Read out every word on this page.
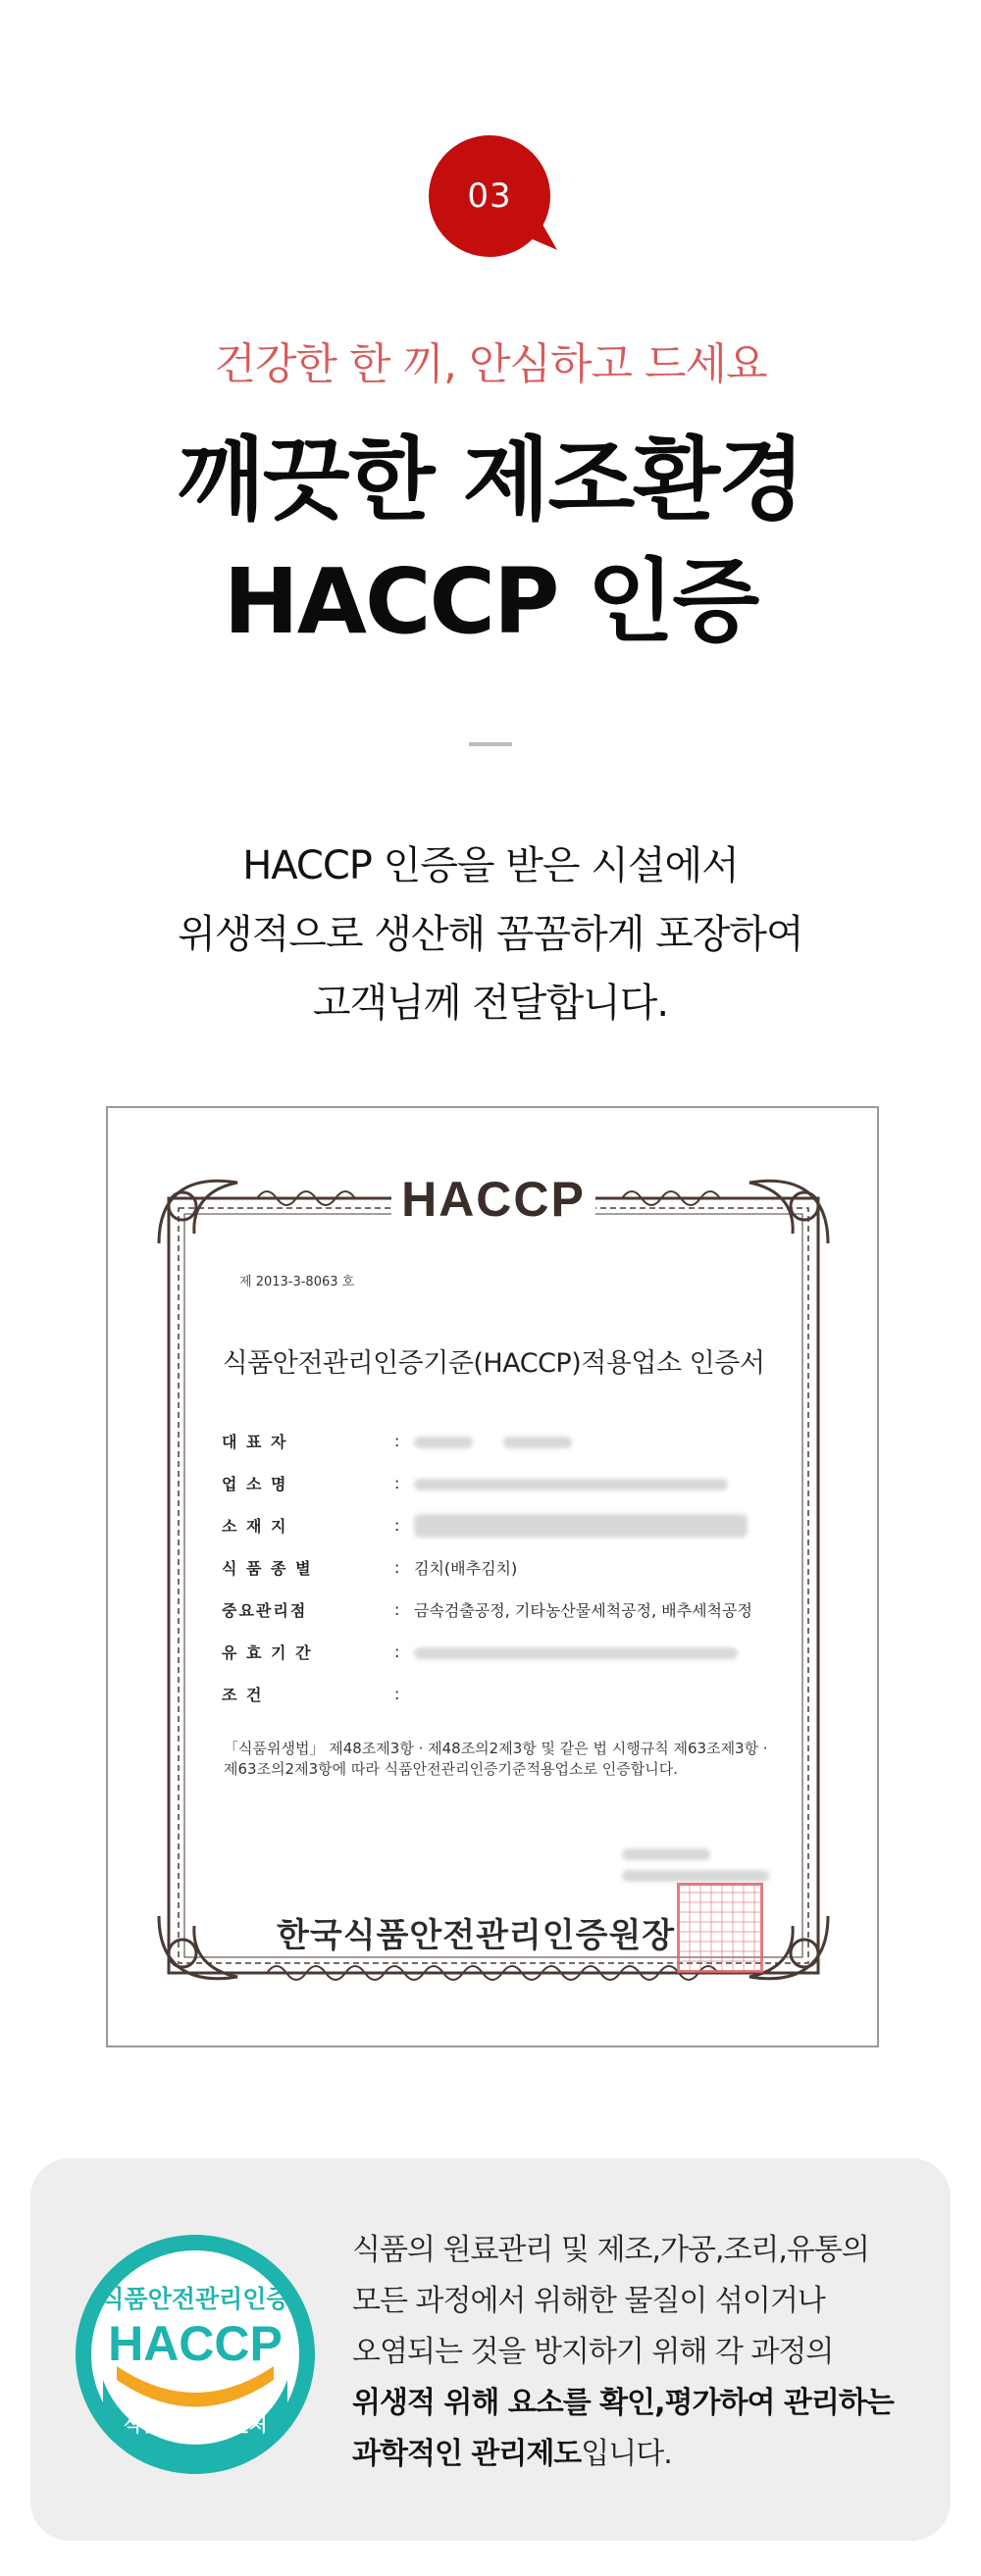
03
건강한 한 끼, 안심하고 드세요
깨끗한 제조환경
HACCP 인증
HACCP 인증을 받은 시설에서
위생적으로 생산해 꼼꼼하게 포장하여
고객님께 전달합니다.
HACCP
제 2013-3-8063 호
식품안전관리인증기준(HACCP)적용업소 인증서
대 표 자	:

업 소 명	:
소 재 지	:
식 품 종 별	: 김치(배추김치)
중요관리점	: 금속검출공정, 기타농산물세척공정, 배추세척공정
유 효 기 간	:
조 건	:
「식품위생법」 제48조제3항 · 제48조의2제3항 및 같은 법 시행규칙 제63조제3항 · 제63조의2제3항에 따라 식품안전관리인증기준적용업소로 인증합니다.

한국식품안전관리인증원장
식품안전관리인증
HACCP
식품의약품안전처
식품의 원료관리 및 제조,가공,조리,유통의
모든 과정에서 위해한 물질이 섞이거나
오염되는 것을 방지하기 위해 각 과정의
위생적 위해 요소를 확인,평가하여 관리하는
과학적인 관리제도입니다.
